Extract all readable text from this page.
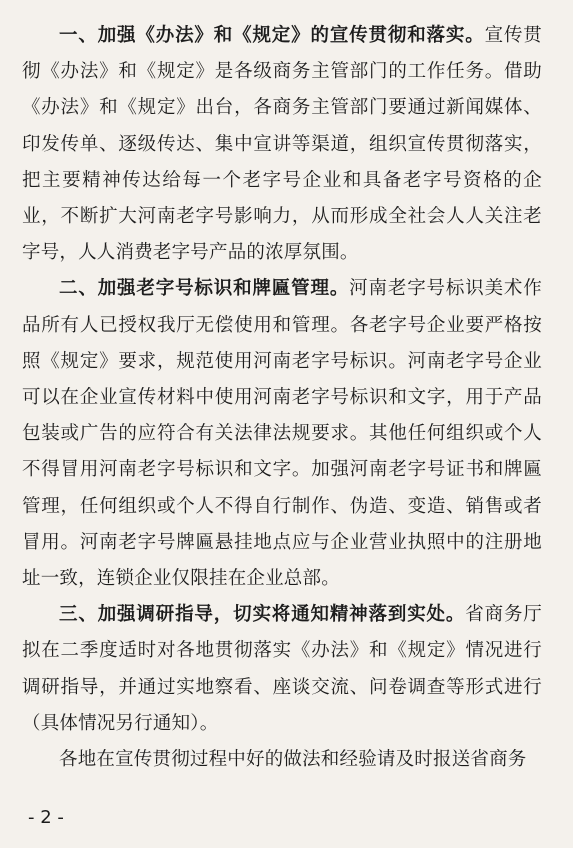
一、加强《办法》和《规定》的宣传贯彻和落实。宣传贯彻《办法》和《规定》是各级商务主管部门的工作任务。借助《办法》和《规定》出台，各商务主管部门要通过新闻媒体、印发传单、逐级传达、集中宣讲等渠道，组织宣传贯彻落实，把主要精神传达给每一个老字号企业和具备老字号资格的企业，不断扩大河南老字号影响力，从而形成全社会人人关注老字号，人人消费老字号产品的浓厚氛围。

二、加强老字号标识和牌匾管理。河南老字号标识美术作品所有人已授权我厅无偿使用和管理。各老字号企业要严格按照《规定》要求，规范使用河南老字号标识。河南老字号企业可以在企业宣传材料中使用河南老字号标识和文字，用于产品包装或广告的应符合有关法律法规要求。其他任何组织或个人不得冒用河南老字号标识和文字。加强河南老字号证书和牌匾管理，任何组织或个人不得自行制作、伪造、变造、销售或者冒用。河南老字号牌匾悬挂地点应与企业营业执照中的注册地址一致，连锁企业仅限挂在企业总部。

三、加强调研指导，切实将通知精神落到实处。省商务厅拟在二季度适时对各地贯彻落实《办法》和《规定》情况进行调研指导，并通过实地察看、座谈交流、问卷调查等形式进行（具体情况另行通知）。

各地在宣传贯彻过程中好的做法和经验请及时报送省商务

- 2 -
